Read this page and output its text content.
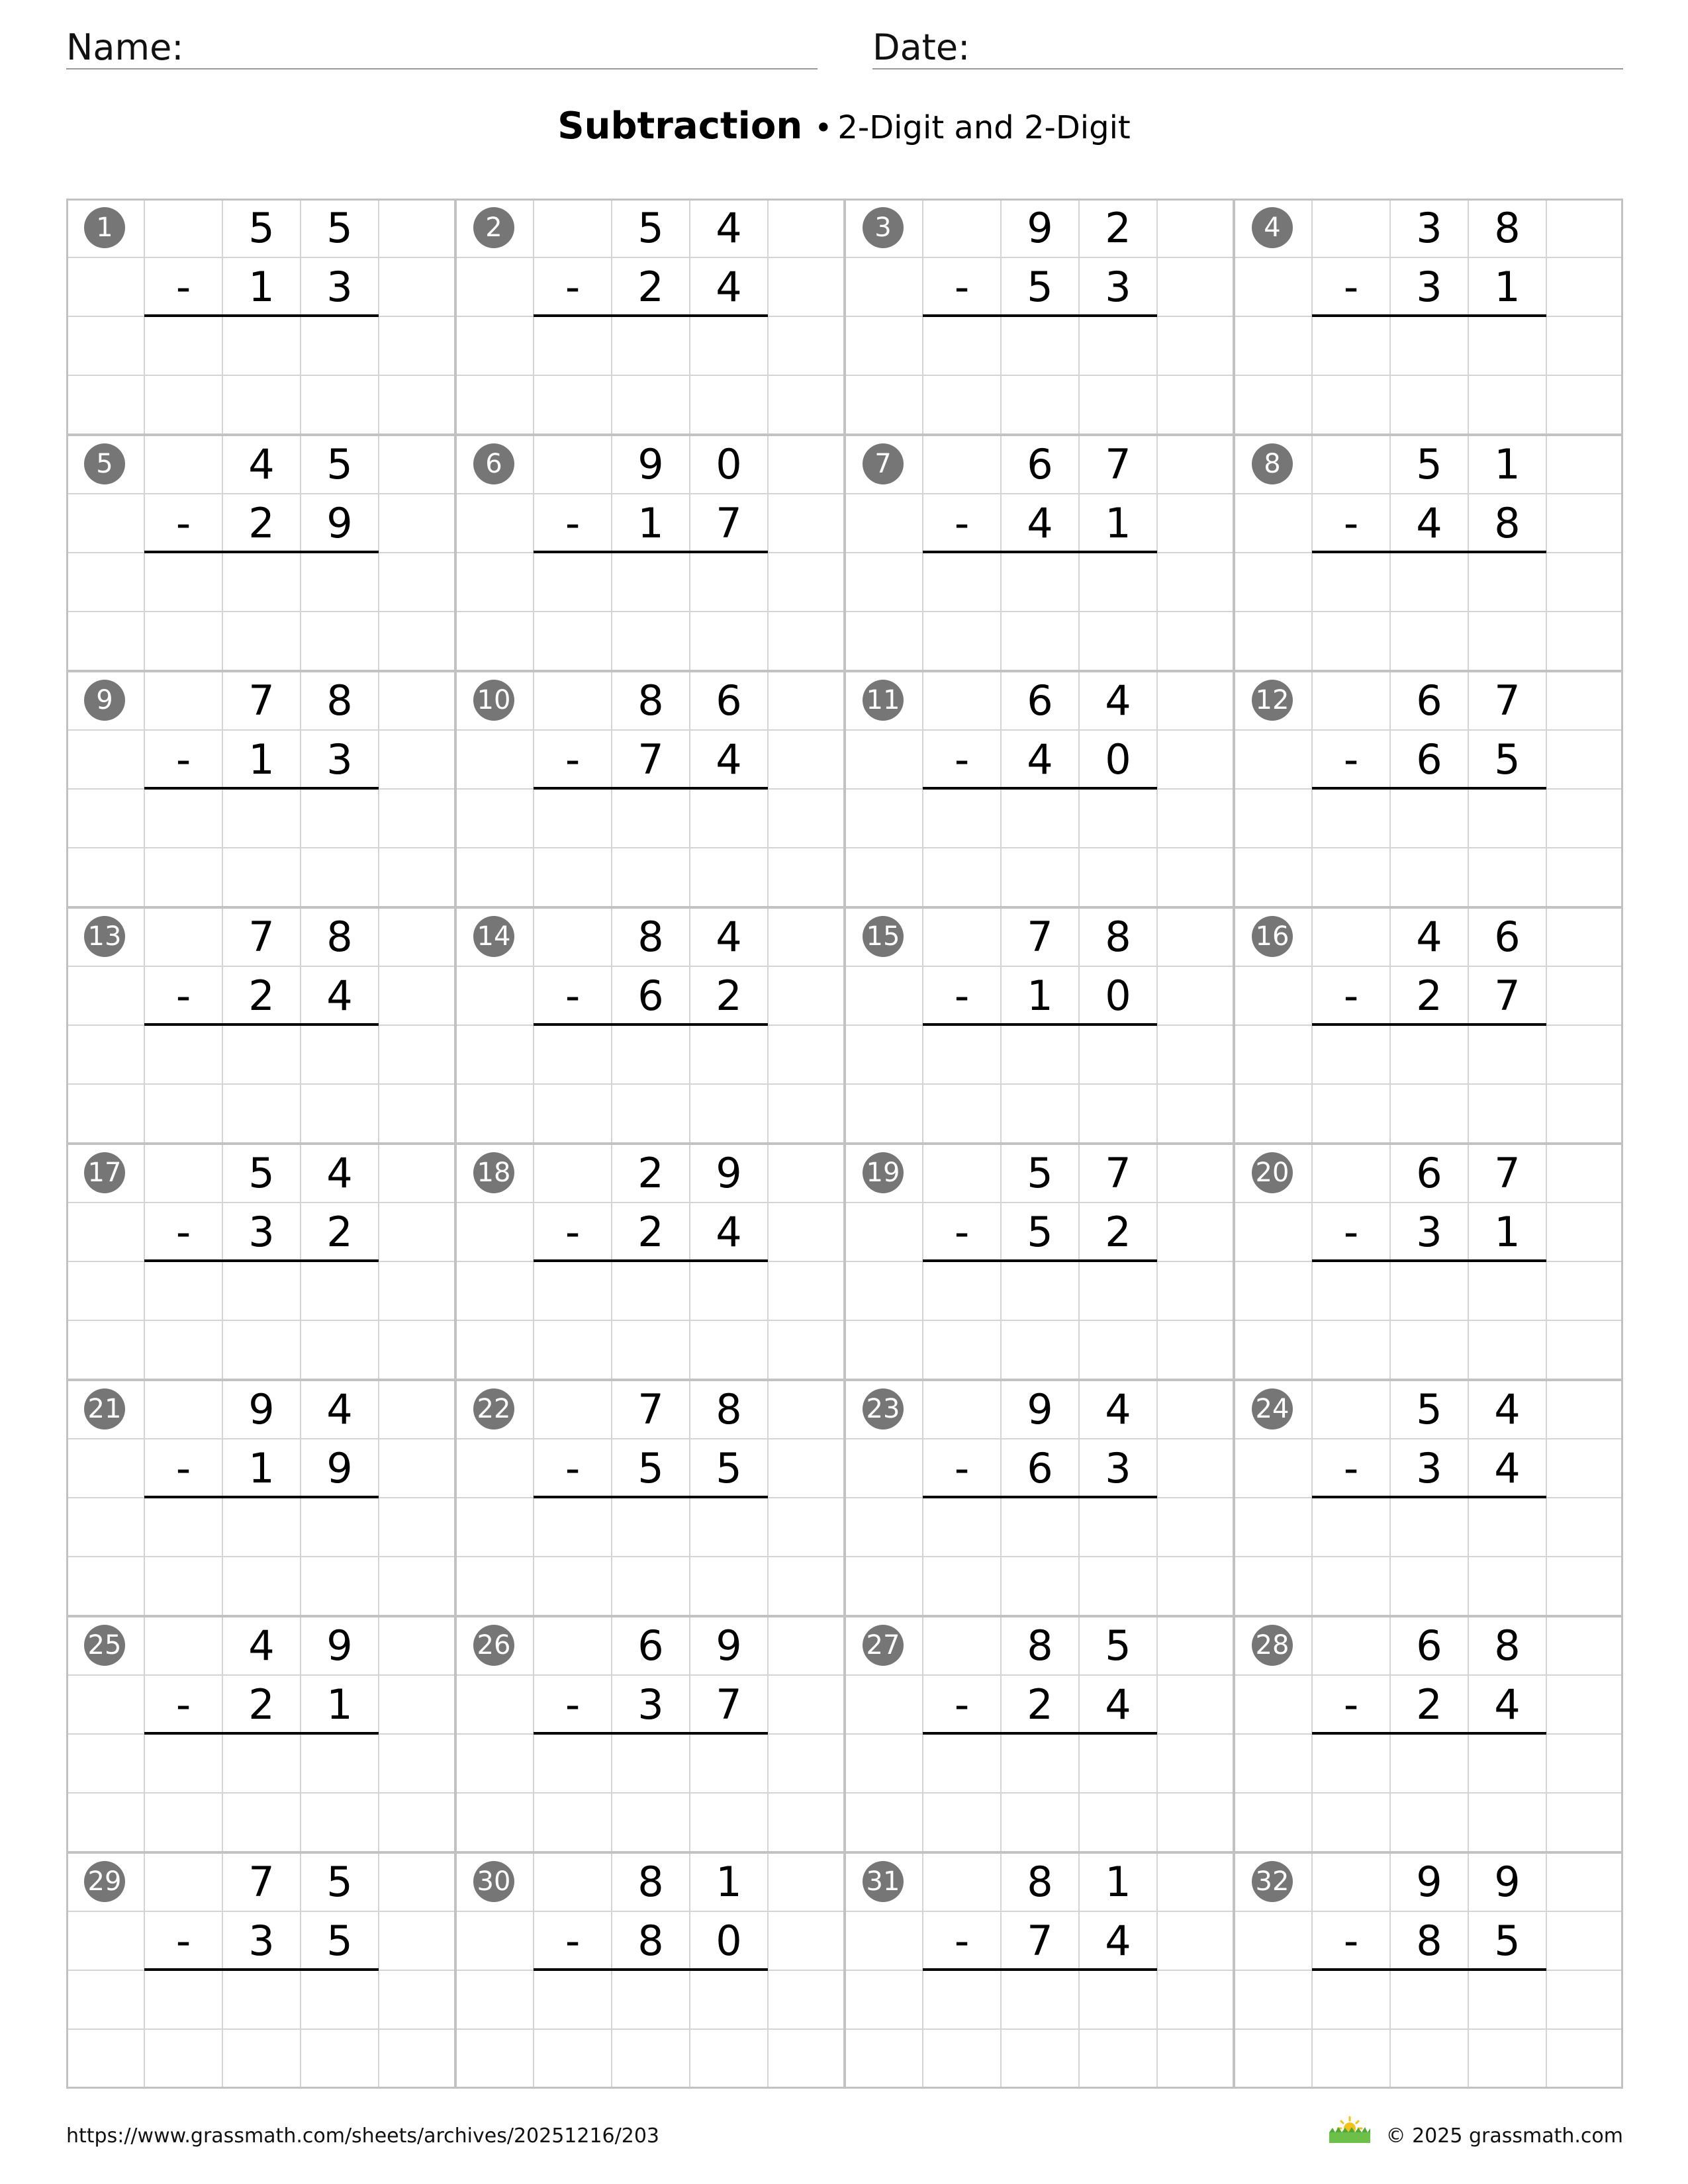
Name:	Date:
Subtraction • 2-Digit and 2-Digit
1	5	5
-	1	3
2	5	4
-	2	4
3	9	2
-	5	3
4	3	8
-	3	1
5	4	5
-	2	9
6	9	0
-	1	7
7	6	7
-	4	1
8	5	1
-	4	8
9	7	8
-	1	3
10	8	6
-	7	4
11	6	4
-	4	0
12	6	7
-	6	5
13	7	8
-	2	4
14	8	4
-	6	2
15	7	8
-	1	0
16	4	6
-	2	7
17	5	4
-	3	2
18	2	9
-	2	4
19	5	7
-	5	2
20	6	7
-	3	1
21	9	4
-	1	9
22	7	8
-	5	5
23	9	4
-	6	3
24	5	4
-	3	4
25	4	9
-	2	1
26	6	9
-	3	7
27	8	5
-	2	4
28	6	8
-	2	4
29	7	5
-	3	5
30	8	1
-	8	0
31	8	1
-	7	4
32	9	9
-	8	5
https://www.grassmath.com/sheets/archives/20251216/203	© 2025 grassmath.com
